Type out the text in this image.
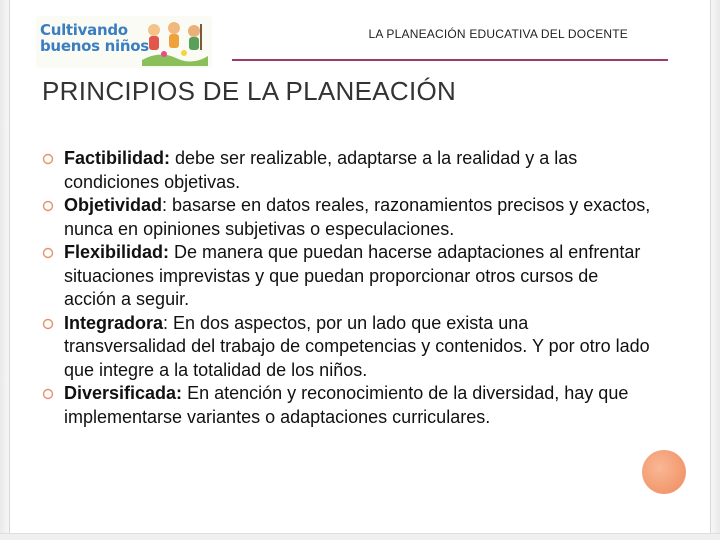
Cultivando
buenos niños
LA PLANEACIÓN EDUCATIVA DEL DOCENTE
PRINCIPIOS DE LA PLANEACIÓN
Factibilidad: debe ser realizable, adaptarse a la realidad y a las condiciones objetivas.
Objetividad: basarse en datos reales, razonamientos precisos y exactos, nunca en opiniones subjetivas o especulaciones.
Flexibilidad: De manera que puedan hacerse adaptaciones al enfrentar situaciones imprevistas y que puedan proporcionar otros cursos de acción a seguir.
Integradora: En dos aspectos, por un lado que exista una transversalidad del trabajo de competencias y contenidos. Y por otro lado que integre a la totalidad de los niños.
Diversificada: En atención y reconocimiento de la diversidad, hay que implementarse variantes o adaptaciones curriculares.
